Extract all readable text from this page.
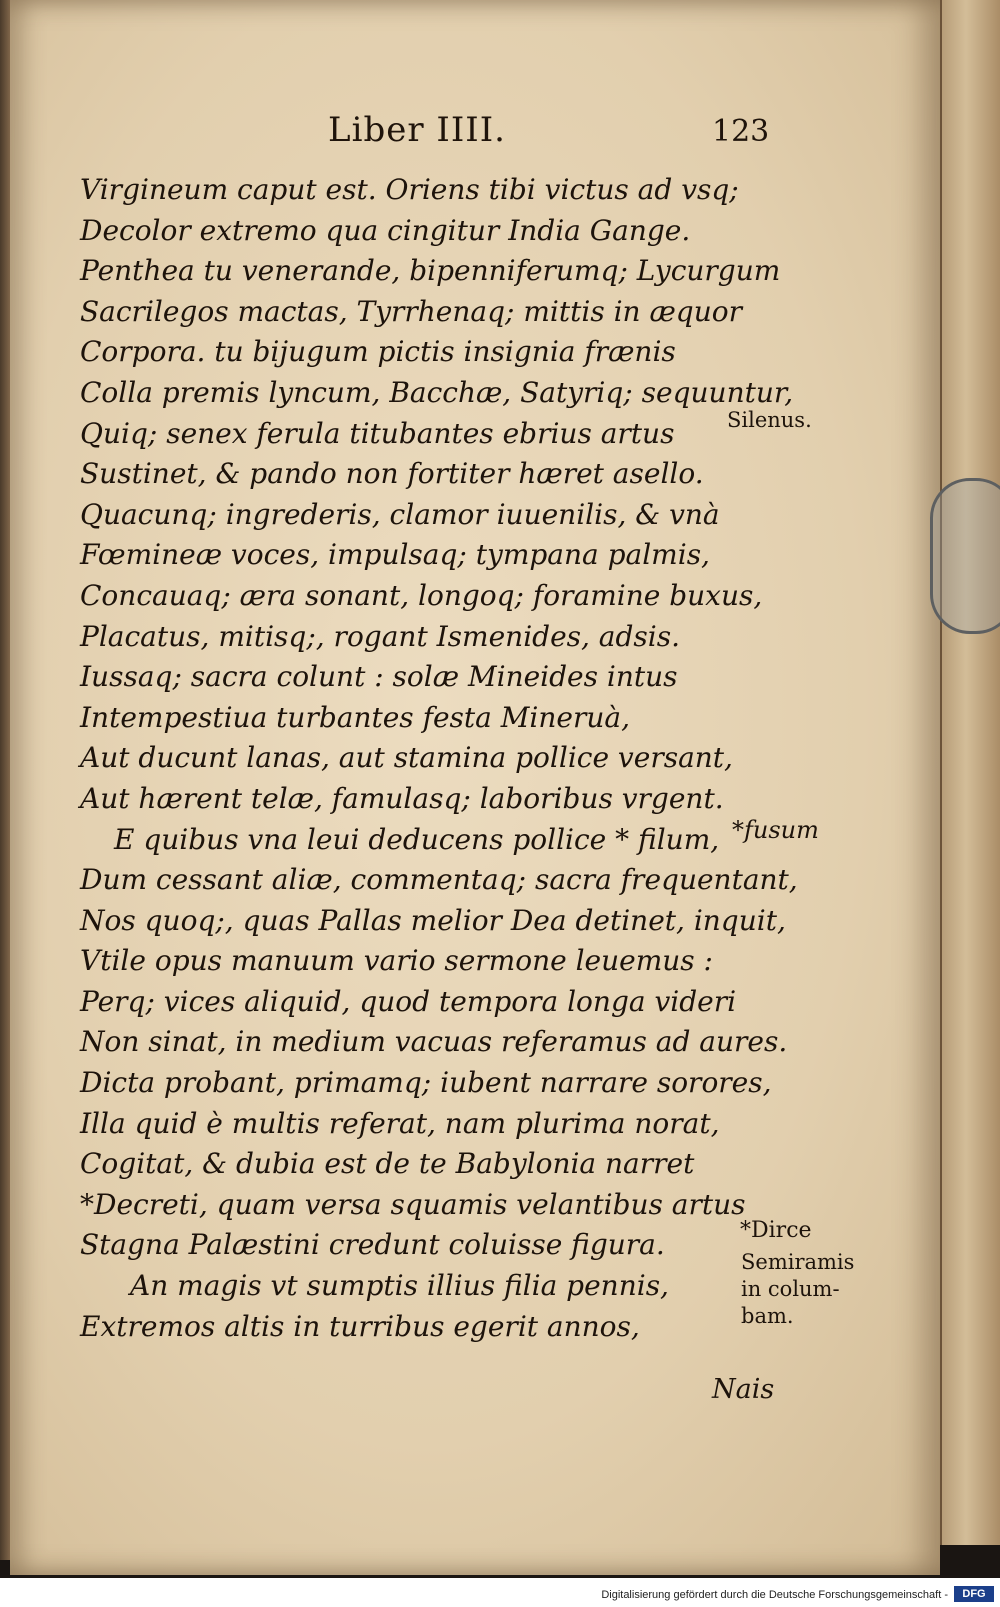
Liber IIII.	123
Virgineum caput est. Oriens tibi victus ad vsq;
Decolor extremo qua cingitur India Gange.
Penthea tu venerande, bipenniferumq; Lycurgum
Sacrilegos mactas, Tyrrhenaq; mittis in æquor
Corpora. tu bijugum pictis insignia frænis
Colla premis lyncum, Bacchæ, Satyriq; sequuntur,
Quiq; senex ferula titubantes ebrius artus
Sustinet, & pando non fortiter hæret asello.
Quacunq; ingrederis, clamor iuuenilis, & vnà
Fœmineæ voces, impulsaq; tympana palmis,
Concauaq; æra sonant, longoq; foramine buxus,
Placatus, mitisq;, rogant Ismenides, adsis.
Iussaq; sacra colunt : solæ Mineides intus
Intempestiua turbantes festa Mineruà,
Aut ducunt lanas, aut stamina pollice versant,
Aut hærent telæ, famulasq; laboribus vrgent.
E quibus vna leui deducens pollice * filum,
Dum cessant aliæ, commentaq; sacra frequentant,
Nos quoq;, quas Pallas melior Dea detinet, inquit,
Vtile opus manuum vario sermone leuemus :
Perq; vices aliquid, quod tempora longa videri
Non sinat, in medium vacuas referamus ad aures.
Dicta probant, primamq; iubent narrare sorores,
Illa quid è multis referat, nam plurima norat,
Cogitat, & dubia est de te Babylonia narret
*Decreti, quam versa squamis velantibus artus
Stagna Palæstini credunt coluisse figura.
An magis vt sumptis illius filia pennis,
Extremos altis in turribus egerit annos,
Silenus.
*fusum
*Dirce
Semiramis
in colum-
bam.
Nais
Digitalisierung gefördert durch die Deutsche Forschungsgemeinschaft -	DFG
